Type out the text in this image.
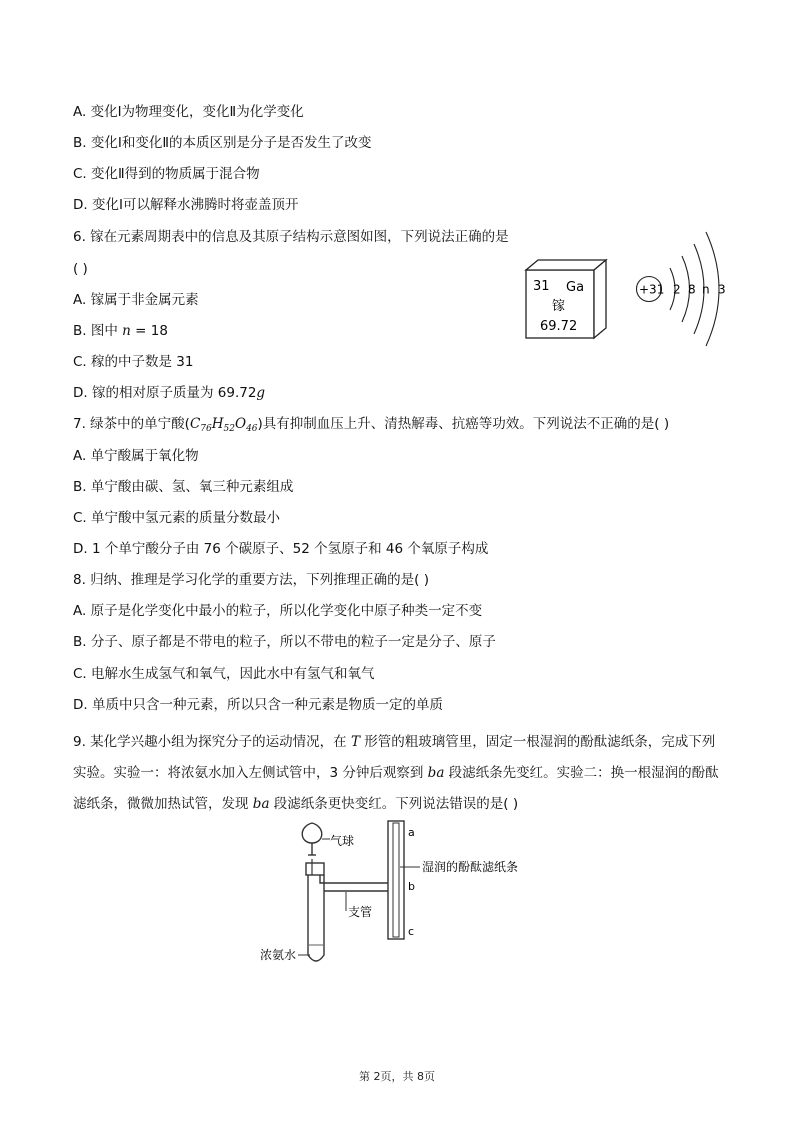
A. 变化Ⅰ为物理变化，变化Ⅱ为化学变化
B. 变化Ⅰ和变化Ⅱ的本质区别是分子是否发生了改变
C. 变化Ⅱ得到的物质属于混合物
D. 变化Ⅰ可以解释水沸腾时将壶盖顶开
6. 镓在元素周期表中的信息及其原子结构示意图如图，下列说法正确的是
( )
A. 镓属于非金属元素
B. 图中 n = 18
C. 稼的中子数是 31
D. 镓的相对原子质量为 69.72g
31 Ga
镓
69.72
+31 2 8 n 3
7. 绿茶中的单宁酸$(C_{76}H_{52}O_{46})$具有抑制血压上升、清热解毒、抗癌等功效。下列说法不正确的是( )
A. 单宁酸属于氧化物
B. 单宁酸由碳、氢、氧三种元素组成
C. 单宁酸中氢元素的质量分数最小
D. 1 个单宁酸分子由 76 个碳原子、52 个氢原子和 46 个氧原子构成
8. 归纳、推理是学习化学的重要方法，下列推理正确的是( )
A. 原子是化学变化中最小的粒子，所以化学变化中原子种类一定不变
B. 分子、原子都是不带电的粒子，所以不带电的粒子一定是分子、原子
C. 电解水生成氢气和氧气，因此水中有氢气和氧气
D. 单质中只含一种元素，所以只含一种元素是物质一定的单质
9. 某化学兴趣小组为探究分子的运动情况，在 T 形管的粗玻璃管里，固定一根湿润的酚酞滤纸条，完成下列实验。实验一：将浓氨水加入左侧试管中，3 分钟后观察到 ba 段滤纸条先变红。实验二：换一根湿润的酚酞滤纸条，微微加热试管，发现 ba 段滤纸条更快变红。下列说法错误的是( )
气球
a
b
c
湿润的酚酞滤纸条
支管
浓氨水
第 2页，共 8页
